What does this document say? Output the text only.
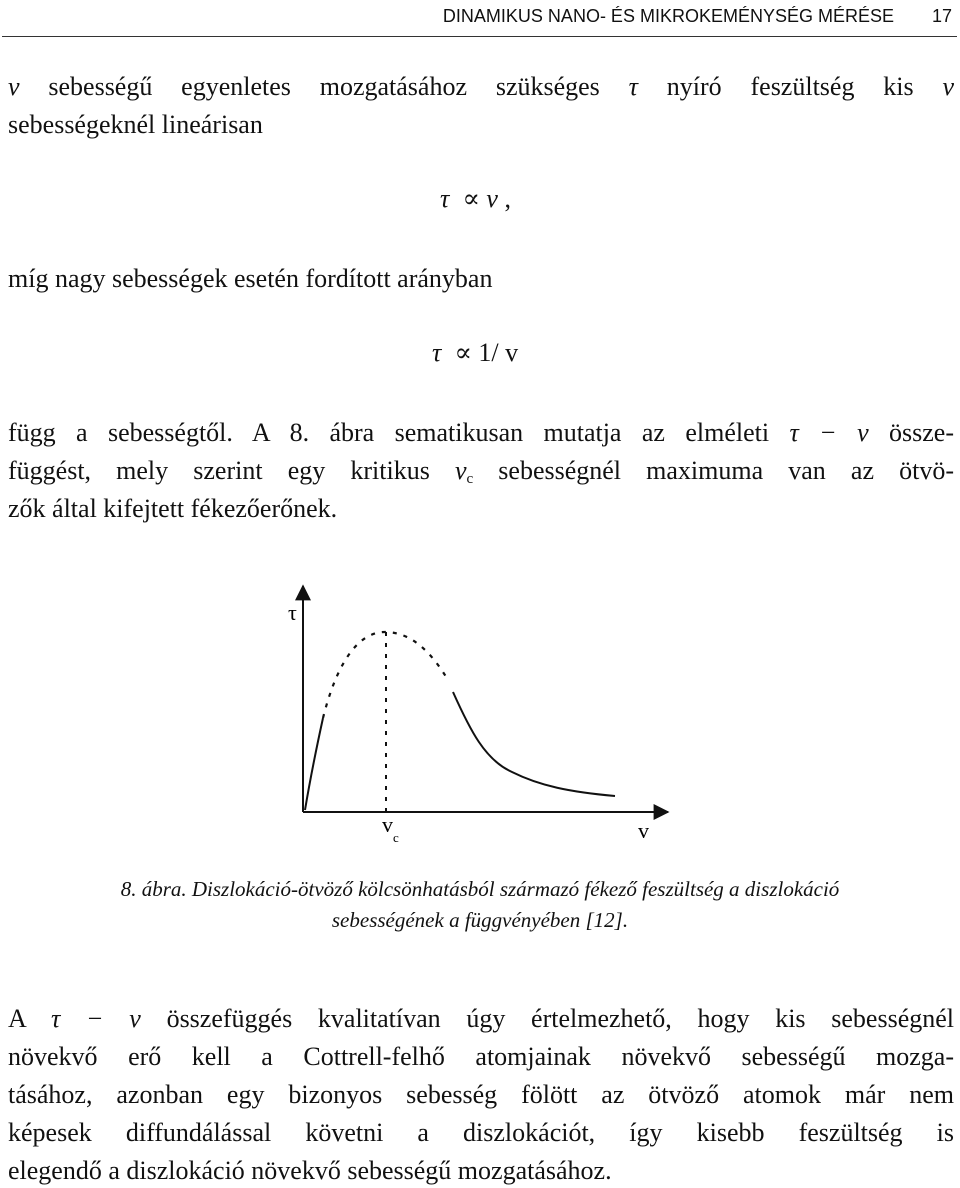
DINAMIKUS NANO- ÉS MIKROKEMÉNYSÉG MÉRÉSE 17
v sebességű egyenletes mozgatásához szükséges τ nyíró feszültség kis v
sebességeknél lineárisan
τ ∝ v ,
míg nagy sebességek esetén fordított arányban
τ ∝ 1/ v
függ a sebességtől. A 8. ábra sematikusan mutatja az elméleti τ − v össze-
függést, mely szerint egy kritikus vc sebességnél maximuma van az ötvö-
zők által kifejtett fékezőerőnek.
τ
v
v
c
8. ábra. Diszlokáció-ötvöző kölcsönhatásból származó fékező feszültség a diszlokáció
sebességének a függvényében [12].
A τ − v összefüggés kvalitatívan úgy értelmezhető, hogy kis sebességnél
növekvő erő kell a Cottrell-felhő atomjainak növekvő sebességű mozga-
tásához, azonban egy bizonyos sebesség fölött az ötvöző atomok már nem
képesek diffundálással követni a diszlokációt, így kisebb feszültség is
elegendő a diszlokáció növekvő sebességű mozgatásához.
